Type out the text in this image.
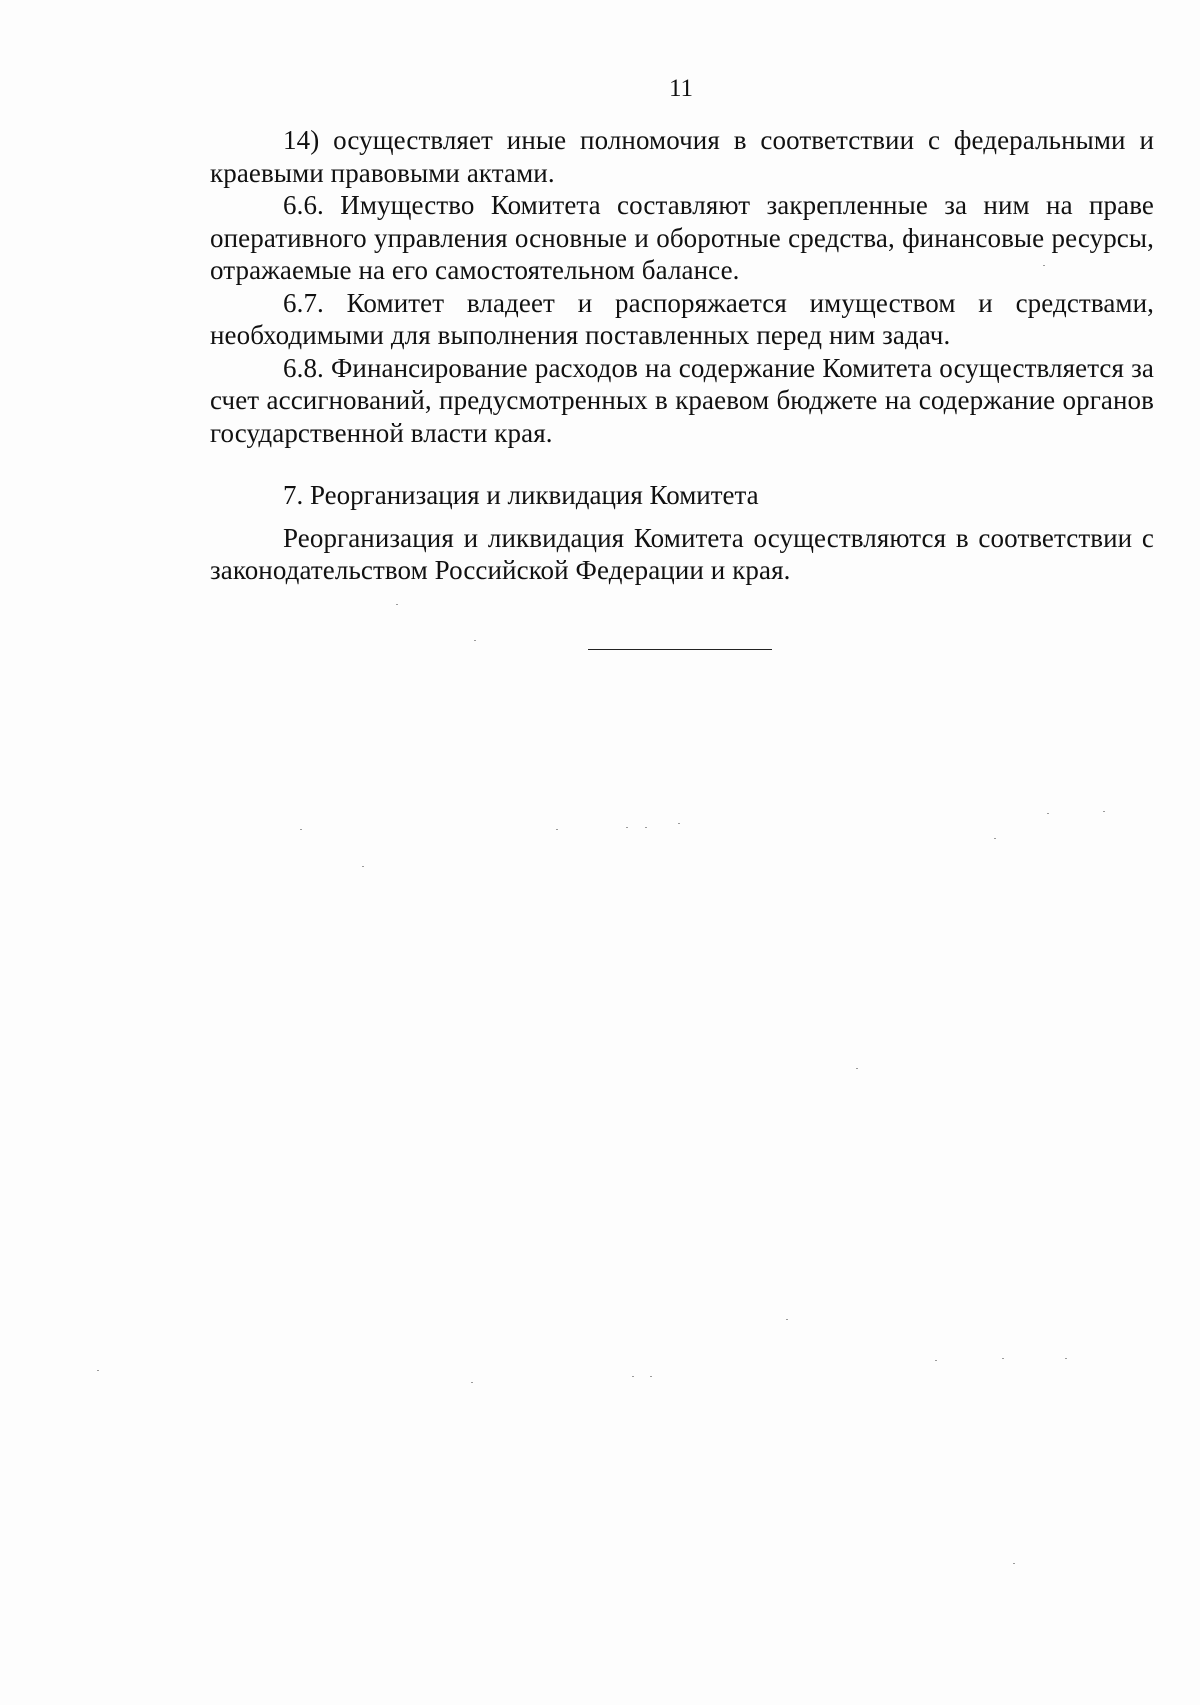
11

14) осуществляет иные полномочия в соответствии с федеральными и краевыми правовыми актами.

6.6. Имущество Комитета составляют закрепленные за ним на праве оперативного управления основные и оборотные средства, финансовые ресурсы, отражаемые на его самостоятельном балансе.

6.7. Комитет владеет и распоряжается имуществом и средствами, необходимыми для выполнения поставленных перед ним задач.

6.8. Финансирование расходов на содержание Комитета осуществляется за счет ассигнований, предусмотренных в краевом бюджете на содержание органов государственной власти края.

7. Реорганизация и ликвидация Комитета

Реорганизация и ликвидация Комитета осуществляются в соответствии с законодательством Российской Федерации и края.
